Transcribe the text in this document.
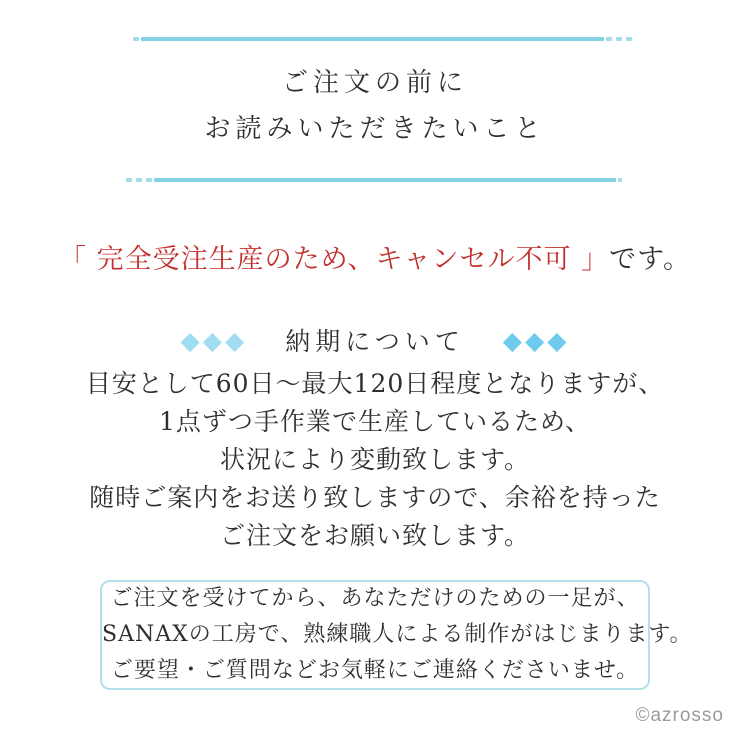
ご注文の前に
お読みいただきたいこと

「 完全受注生産のため、キャンセル不可 」です。

◆◆◆ 納期について ◆◆◆

目安として60日〜最大120日程度となりますが、
1点ずつ手作業で生産しているため、
状況により変動致します。
随時ご案内をお送り致しますので、余裕を持った
ご注文をお願い致します。

ご注文を受けてから、あなただけのための一足が、
SANAXの工房で、熟練職人による制作がはじまります。
ご要望・ご質問などお気軽にご連絡くださいませ。
©azrosso
